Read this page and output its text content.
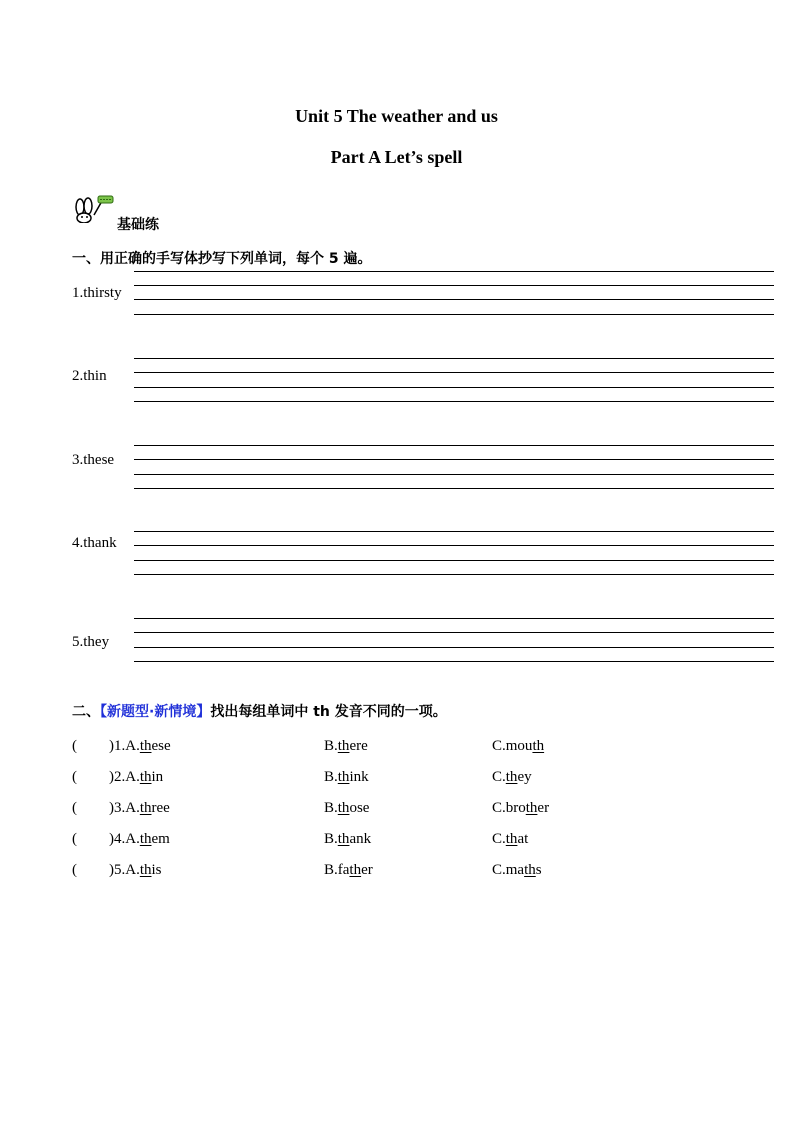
Unit 5 The weather and us
Part A Let’s spell
基础练
一、用正确的手写体抄写下列单词，每个 5 遍。
1.thirsty
2.thin
3.these
4.thank
5.they
二、【新题型·新情境】找出每组单词中 th 发音不同的一项。
( )1.A.these	B.there	C.mouth
( )2.A.thin	B.think	C.they
( )3.A.three	B.those	C.brother
( )4.A.them	B.thank	C.that
( )5.A.this	B.father	C.maths
